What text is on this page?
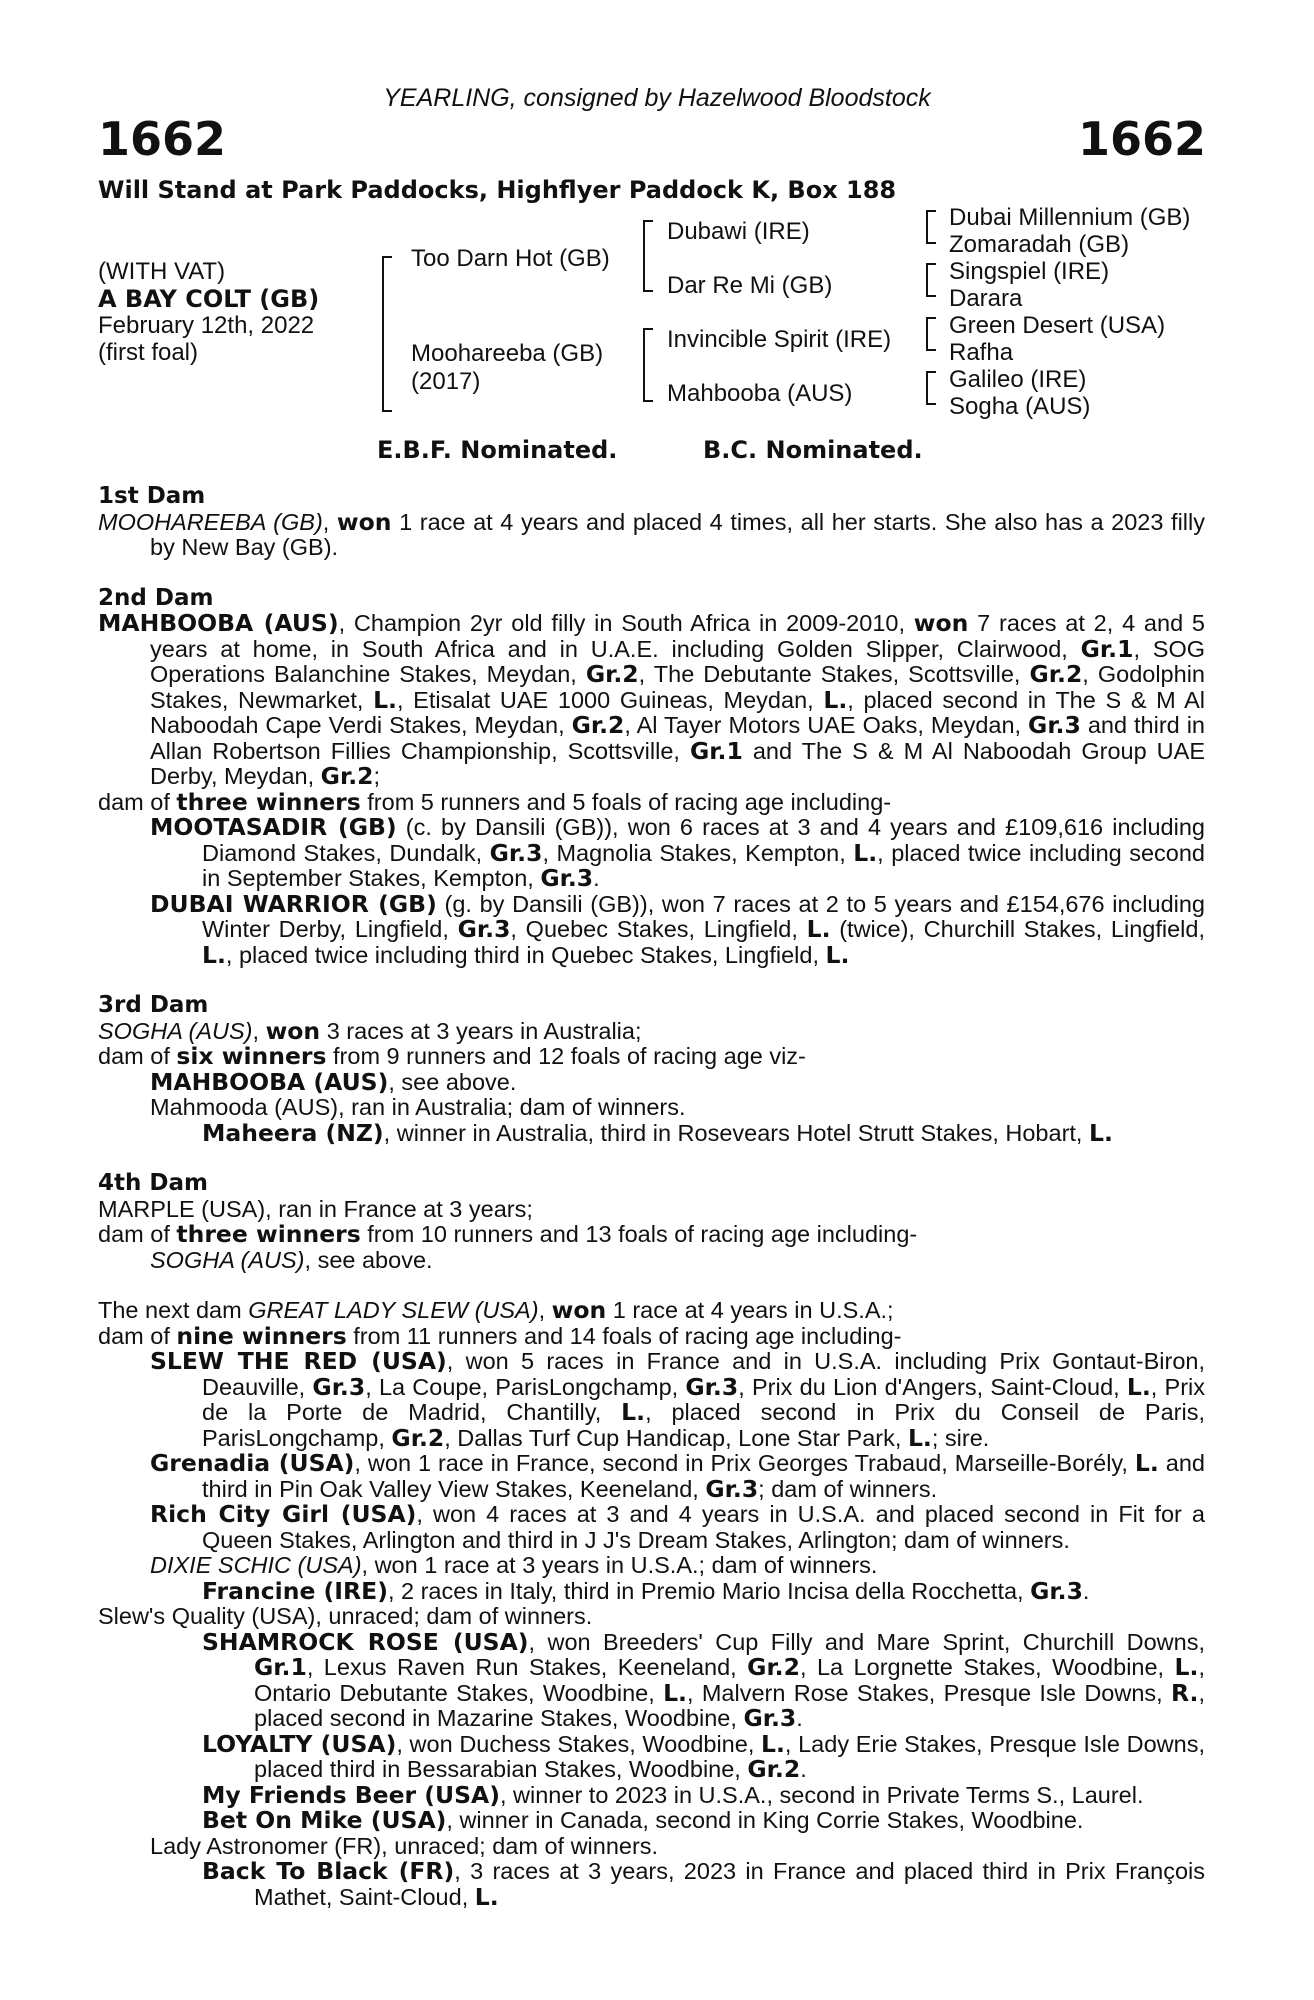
YEARLING, consigned by Hazelwood Bloodstock
1662	1662
Will Stand at Park Paddocks, Highflyer Paddock K, Box 188
(WITH VAT)
A BAY COLT (GB)
February 12th, 2022
(first foal)
Too Darn Hot (GB)
Moohareeba (GB)
(2017)
Dubawi (IRE)
Dar Re Mi (GB)
Invincible Spirit (IRE)
Mahbooba (AUS)
Dubai Millennium (GB)
Zomaradah (GB)
Singspiel (IRE)
Darara
Green Desert (USA)
Rafha
Galileo (IRE)
Sogha (AUS)
E.B.F. Nominated.	B.C. Nominated.

1st Dam

MOOHAREEBA (GB), won 1 race at 4 years and placed 4 times, all her starts. She also has a 2023 filly by New Bay (GB).

2nd Dam

MAHBOOBA (AUS), Champion 2yr old filly in South Africa in 2009-2010, won 7 races at 2, 4 and 5 years at home, in South Africa and in U.A.E. including Golden Slipper, Clairwood, Gr.1, SOG Operations Balanchine Stakes, Meydan, Gr.2, The Debutante Stakes, Scottsville, Gr.2, Godolphin Stakes, Newmarket, L., Etisalat UAE 1000 Guineas, Meydan, L., placed second in The S & M Al Naboodah Cape Verdi Stakes, Meydan, Gr.2, Al Tayer Motors UAE Oaks, Meydan, Gr.3 and third in Allan Robertson Fillies Championship, Scottsville, Gr.1 and The S & M Al Naboodah Group UAE Derby, Meydan, Gr.2;

dam of three winners from 5 runners and 5 foals of racing age including-

MOOTASADIR (GB) (c. by Dansili (GB)), won 6 races at 3 and 4 years and £109,616 including Diamond Stakes, Dundalk, Gr.3, Magnolia Stakes, Kempton, L., placed twice including second in September Stakes, Kempton, Gr.3.

DUBAI WARRIOR (GB) (g. by Dansili (GB)), won 7 races at 2 to 5 years and £154,676 including Winter Derby, Lingfield, Gr.3, Quebec Stakes, Lingfield, L. (twice), Churchill Stakes, Lingfield, L., placed twice including third in Quebec Stakes, Lingfield, L.

3rd Dam

SOGHA (AUS), won 3 races at 3 years in Australia;

dam of six winners from 9 runners and 12 foals of racing age viz-

MAHBOOBA (AUS), see above.

Mahmooda (AUS), ran in Australia; dam of winners.

Maheera (NZ), winner in Australia, third in Rosevears Hotel Strutt Stakes, Hobart, L.

4th Dam

MARPLE (USA), ran in France at 3 years;

dam of three winners from 10 runners and 13 foals of racing age including-

SOGHA (AUS), see above.

The next dam GREAT LADY SLEW (USA), won 1 race at 4 years in U.S.A.;

dam of nine winners from 11 runners and 14 foals of racing age including-

SLEW THE RED (USA), won 5 races in France and in U.S.A. including Prix Gontaut-Biron, Deauville, Gr.3, La Coupe, ParisLongchamp, Gr.3, Prix du Lion d'Angers, Saint-Cloud, L., Prix de la Porte de Madrid, Chantilly, L., placed second in Prix du Conseil de Paris, ParisLongchamp, Gr.2, Dallas Turf Cup Handicap, Lone Star Park, L.; sire.

Grenadia (USA), won 1 race in France, second in Prix Georges Trabaud, Marseille-Borély, L. and third in Pin Oak Valley View Stakes, Keeneland, Gr.3; dam of winners.

Rich City Girl (USA), won 4 races at 3 and 4 years in U.S.A. and placed second in Fit for a Queen Stakes, Arlington and third in J J's Dream Stakes, Arlington; dam of winners.

DIXIE SCHIC (USA), won 1 race at 3 years in U.S.A.; dam of winners.

Francine (IRE), 2 races in Italy, third in Premio Mario Incisa della Rocchetta, Gr.3.

Slew's Quality (USA), unraced; dam of winners.

SHAMROCK ROSE (USA), won Breeders' Cup Filly and Mare Sprint, Churchill Downs, Gr.1, Lexus Raven Run Stakes, Keeneland, Gr.2, La Lorgnette Stakes, Woodbine, L., Ontario Debutante Stakes, Woodbine, L., Malvern Rose Stakes, Presque Isle Downs, R., placed second in Mazarine Stakes, Woodbine, Gr.3.

LOYALTY (USA), won Duchess Stakes, Woodbine, L., Lady Erie Stakes, Presque Isle Downs, placed third in Bessarabian Stakes, Woodbine, Gr.2.

My Friends Beer (USA), winner to 2023 in U.S.A., second in Private Terms S., Laurel.

Bet On Mike (USA), winner in Canada, second in King Corrie Stakes, Woodbine.

Lady Astronomer (FR), unraced; dam of winners.

Back To Black (FR), 3 races at 3 years, 2023 in France and placed third in Prix François Mathet, Saint-Cloud, L.
